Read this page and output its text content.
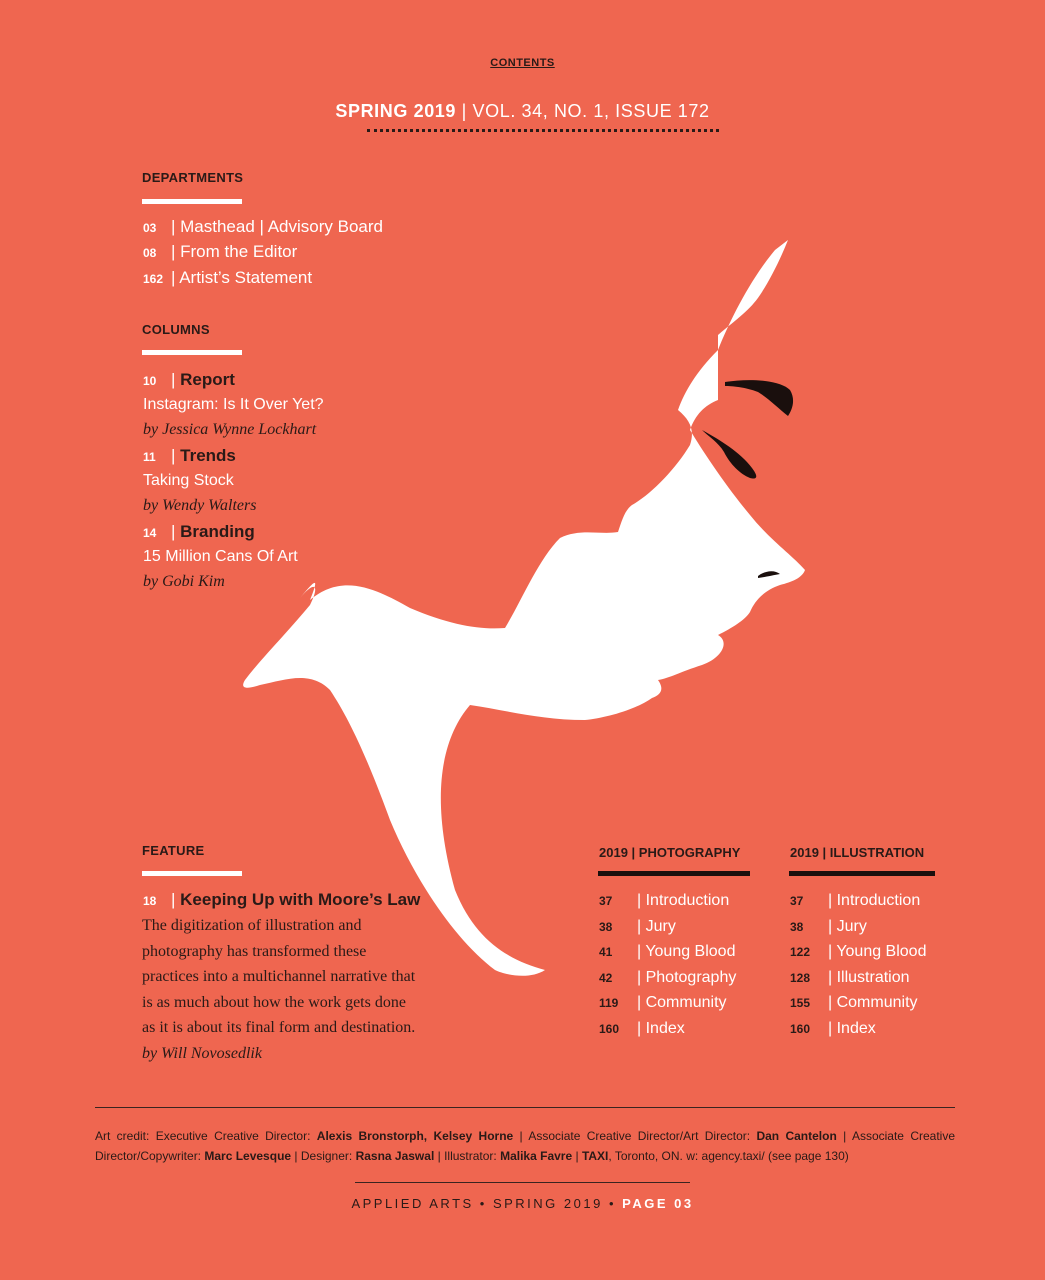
CONTENTS
SPRING 2019 | VOL. 34, NO. 1, ISSUE 172
DEPARTMENTS
03 | Masthead | Advisory Board
08 | From the Editor
162 | Artist’s Statement
COLUMNS
10 | Report
Instagram: Is It Over Yet?
by Jessica Wynne Lockhart
11 | Trends
Taking Stock
by Wendy Walters
14 | Branding
15 Million Cans Of Art
by Gobi Kim
FEATURE
18 | Keeping Up with Moore’s Law
The digitization of illustration and photography has transformed these practices into a multichannel narrative that is as much about how the work gets done as it is about its final form and destination.  by Will Novosedlik
2019 | PHOTOGRAPHY
37 | Introduction
38 | Jury
41 | Young Blood
42 | Photography
119 | Community
160 | Index
2019 | ILLUSTRATION
37 | Introduction
38 | Jury
122 | Young Blood
128 | Illustration
155 | Community
160 | Index
Art credit: Executive Creative Director: Alexis Bronstorph, Kelsey Horne | Associate Creative Director/Art Director: Dan Cantelon | Associate Creative Director/Copywriter: Marc Levesque | Designer: Rasna Jaswal | Illustrator: Malika Favre | TAXI, Toronto, ON. w: agency.taxi/ (see page 130)
APPLIED ARTS • SPRING 2019 • PAGE 03
